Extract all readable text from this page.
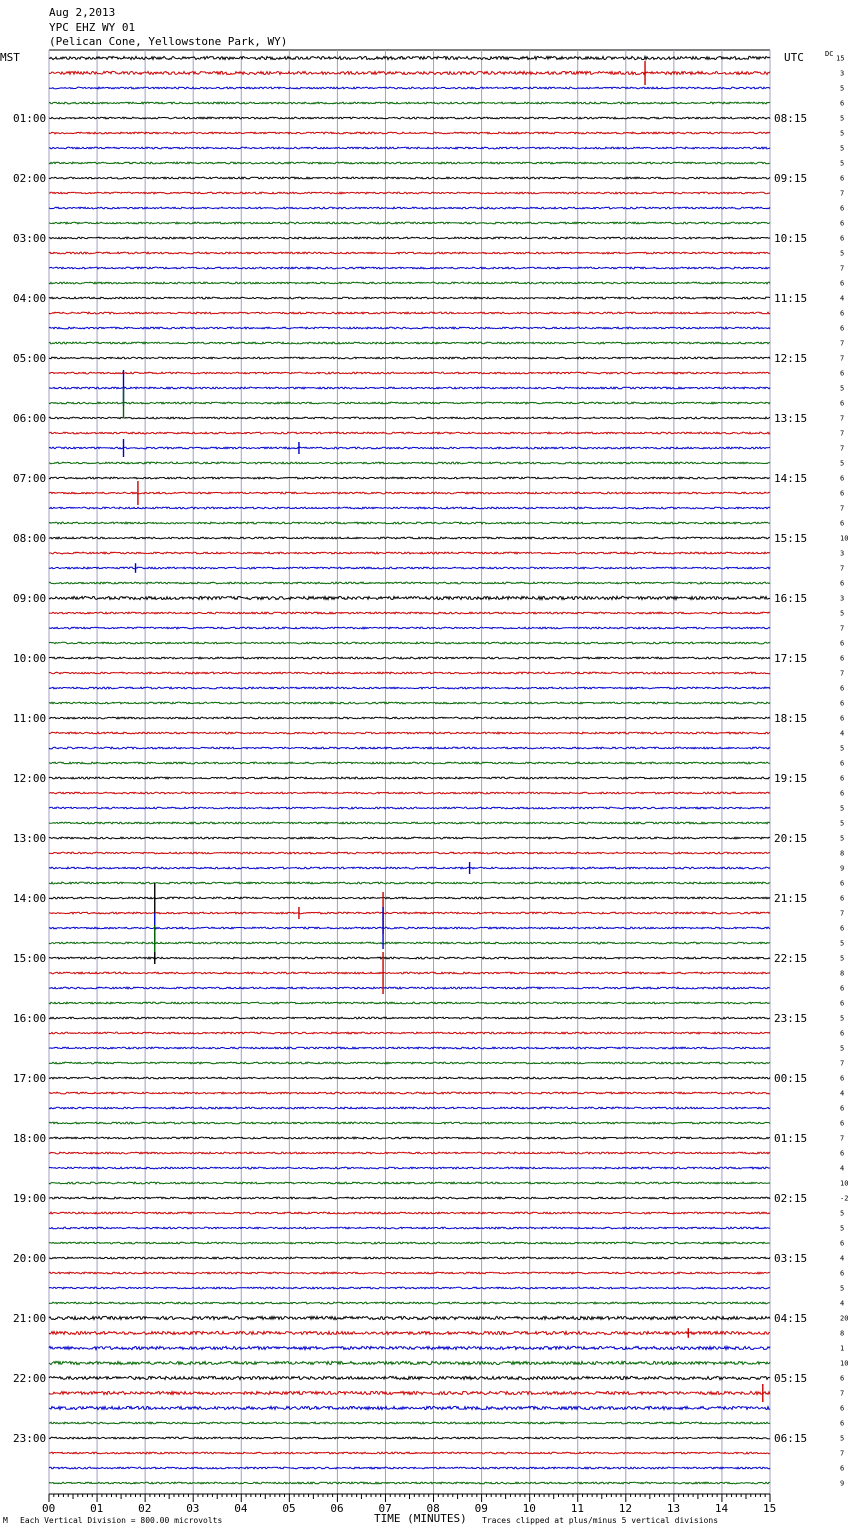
Aug 2,2013
YPC EHZ WY 01
(Pelican Cone, Yellowstone Park, WY)
MST	UTC	DC
01:00
02:00
03:00
04:00
05:00
06:00
07:00
08:00
09:00
10:00
11:00
12:00
13:00
14:00
15:00
16:00
17:00
18:00
19:00
20:00
21:00
22:00
23:00
08:15
09:15
10:15
11:15
12:15
13:15
14:15
15:15
16:15
17:15
18:15
19:15
20:15
21:15
22:15
23:15
00:15
01:15
02:15
03:15
04:15
05:15
06:15
15
3
5
6
5
5
5
5
6
7
6
6
6
5
7
6
4
6
6
7
7
6
5
6
7
7
7
5
6
6
7
6
10
3
7
6
3
5
7
6
6
7
6
6
6
4
5
6
6
6
5
5
5
8
9
6
6
7
6
5
5
8
6
6
5
6
5
7
6
4
6
6
7
6
4
10
-2
5
5
6
4
6
5
4
20
8
1
10
6
7
6
6
5
7
6
9
00	01	02	03	04	05	06	07	08	09	10	11	12	13	14	15
TIME (MINUTES)
M Each Vertical Division = 800.00 microvolts	Traces clipped at plus/minus 5 vertical divisions
